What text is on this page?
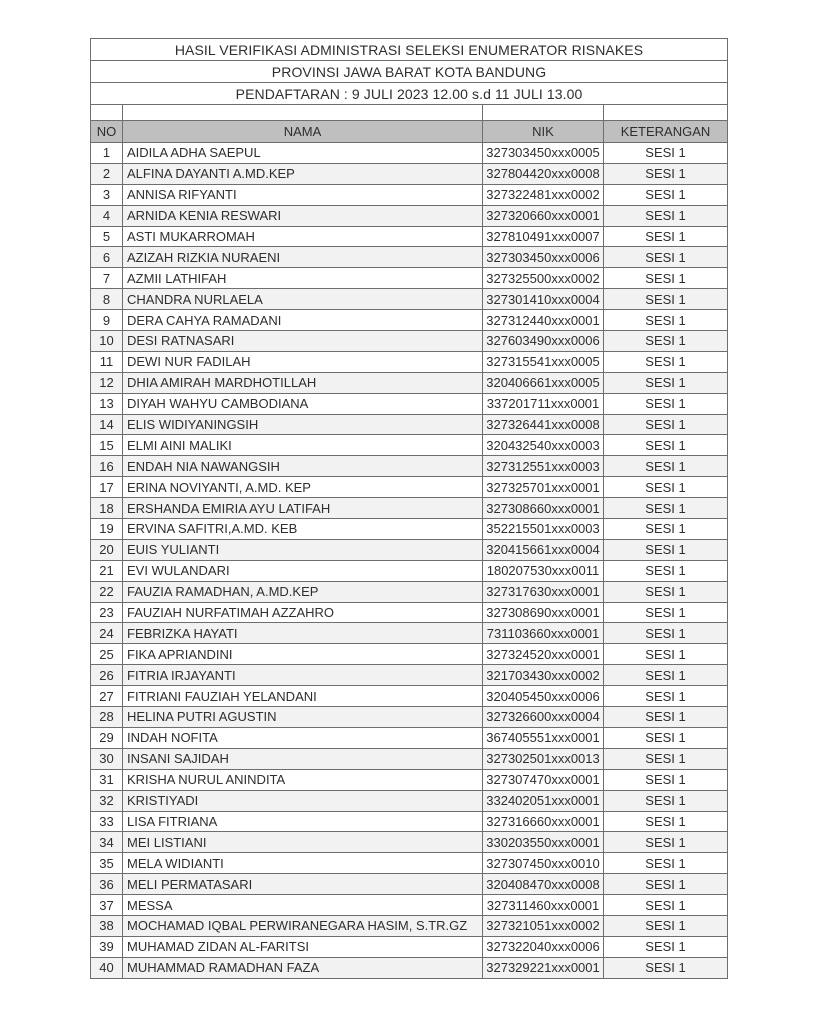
HASIL VERIFIKASI ADMINISTRASI SELEKSI ENUMERATOR RISNAKES			
PROVINSI JAWA BARAT KOTA BANDUNG			
PENDAFTARAN : 9 JULI 2023 12.00 s.d 11 JULI 13.00			

NO	NAMA	NIK	KETERANGAN
1	AIDILA ADHA SAEPUL	327303450xxx0005	SESI 1
2	ALFINA DAYANTI A.MD.KEP	327804420xxx0008	SESI 1
3	ANNISA RIFYANTI	327322481xxx0002	SESI 1
4	ARNIDA KENIA RESWARI	327320660xxx0001	SESI 1
5	ASTI MUKARROMAH	327810491xxx0007	SESI 1
6	AZIZAH RIZKIA NURAENI	327303450xxx0006	SESI 1
7	AZMII LATHIFAH	327325500xxx0002	SESI 1
8	CHANDRA NURLAELA	327301410xxx0004	SESI 1
9	DERA CAHYA RAMADANI	327312440xxx0001	SESI 1
10	DESI RATNASARI	327603490xxx0006	SESI 1
11	DEWI NUR FADILAH	327315541xxx0005	SESI 1
12	DHIA AMIRAH MARDHOTILLAH	320406661xxx0005	SESI 1
13	DIYAH WAHYU CAMBODIANA	337201711xxx0001	SESI 1
14	ELIS WIDIYANINGSIH	327326441xxx0008	SESI 1
15	ELMI AINI MALIKI	320432540xxx0003	SESI 1
16	ENDAH NIA NAWANGSIH	327312551xxx0003	SESI 1
17	ERINA NOVIYANTI, A.MD. KEP	327325701xxx0001	SESI 1
18	ERSHANDA EMIRIA AYU LATIFAH	327308660xxx0001	SESI 1
19	ERVINA SAFITRI,A.MD. KEB	352215501xxx0003	SESI 1
20	EUIS YULIANTI	320415661xxx0004	SESI 1
21	EVI WULANDARI	180207530xxx0011	SESI 1
22	FAUZIA RAMADHAN, A.MD.KEP	327317630xxx0001	SESI 1
23	FAUZIAH NURFATIMAH AZZAHRO	327308690xxx0001	SESI 1
24	FEBRIZKA HAYATI	731103660xxx0001	SESI 1
25	FIKA APRIANDINI	327324520xxx0001	SESI 1
26	FITRIA IRJAYANTI	321703430xxx0002	SESI 1
27	FITRIANI FAUZIAH YELANDANI	320405450xxx0006	SESI 1
28	HELINA PUTRI AGUSTIN	327326600xxx0004	SESI 1
29	INDAH NOFITA	367405551xxx0001	SESI 1
30	INSANI SAJIDAH	327302501xxx0013	SESI 1
31	KRISHA NURUL ANINDITA	327307470xxx0001	SESI 1
32	KRISTIYADI	332402051xxx0001	SESI 1
33	LISA FITRIANA	327316660xxx0001	SESI 1
34	MEI LISTIANI	330203550xxx0001	SESI 1
35	MELA WIDIANTI	327307450xxx0010	SESI 1
36	MELI PERMATASARI	320408470xxx0008	SESI 1
37	MESSA	327311460xxx0001	SESI 1
38	MOCHAMAD IQBAL PERWIRANEGARA HASIM, S.TR.GZ	327321051xxx0002	SESI 1
39	MUHAMAD ZIDAN AL-FARITSI	327322040xxx0006	SESI 1
40	MUHAMMAD RAMADHAN FAZA	327329221xxx0001	SESI 1
